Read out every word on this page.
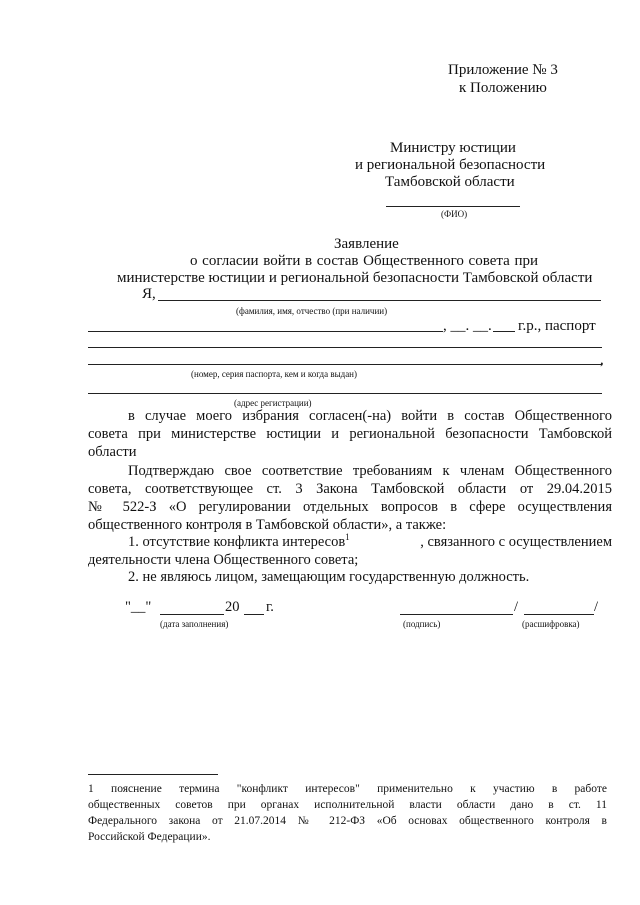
Приложение № 3
к Положению
Министру юстиции
и региональной безопасности
Тамбовской области
(ФИО)
Заявление
о согласии войти в состав Общественного совета при
министерстве юстиции и региональной безопасности Тамбовской области
Я,
(фамилия, имя, отчество (при наличии)
, __. __. г.р., паспорт
,
(номер, серия паспорта, кем и когда выдан)
(адрес регистрации)
в случае моего избрания согласен(-на) войти в состав Общественного
совета при министерстве юстиции и региональной безопасности Тамбовской
области
Подтверждаю свое соответствие требованиям к членам Общественного
совета, соответствующее ст. 3 Закона Тамбовской области от 29.04.2015
№ 522-З «О регулировании отдельных вопросов в сфере осуществления
общественного контроля в Тамбовской области», а также:
1. отсутствие конфликта интересов$^1$	, связанного с осуществлением
деятельности члена Общественного совета;
2. не являюсь лицом, замещающим государственную должность.
"__"	20 г.
(дата заполнения)
/	/
(подпись)	(расшифровка)
1 пояснение термина "конфликт интересов" применительно к участию в работе
общественных советов при органах исполнительной власти области дано в ст. 11
Федерального закона от 21.07.2014 № 212-ФЗ «Об основах общественного контроля в
Российской Федерации».
